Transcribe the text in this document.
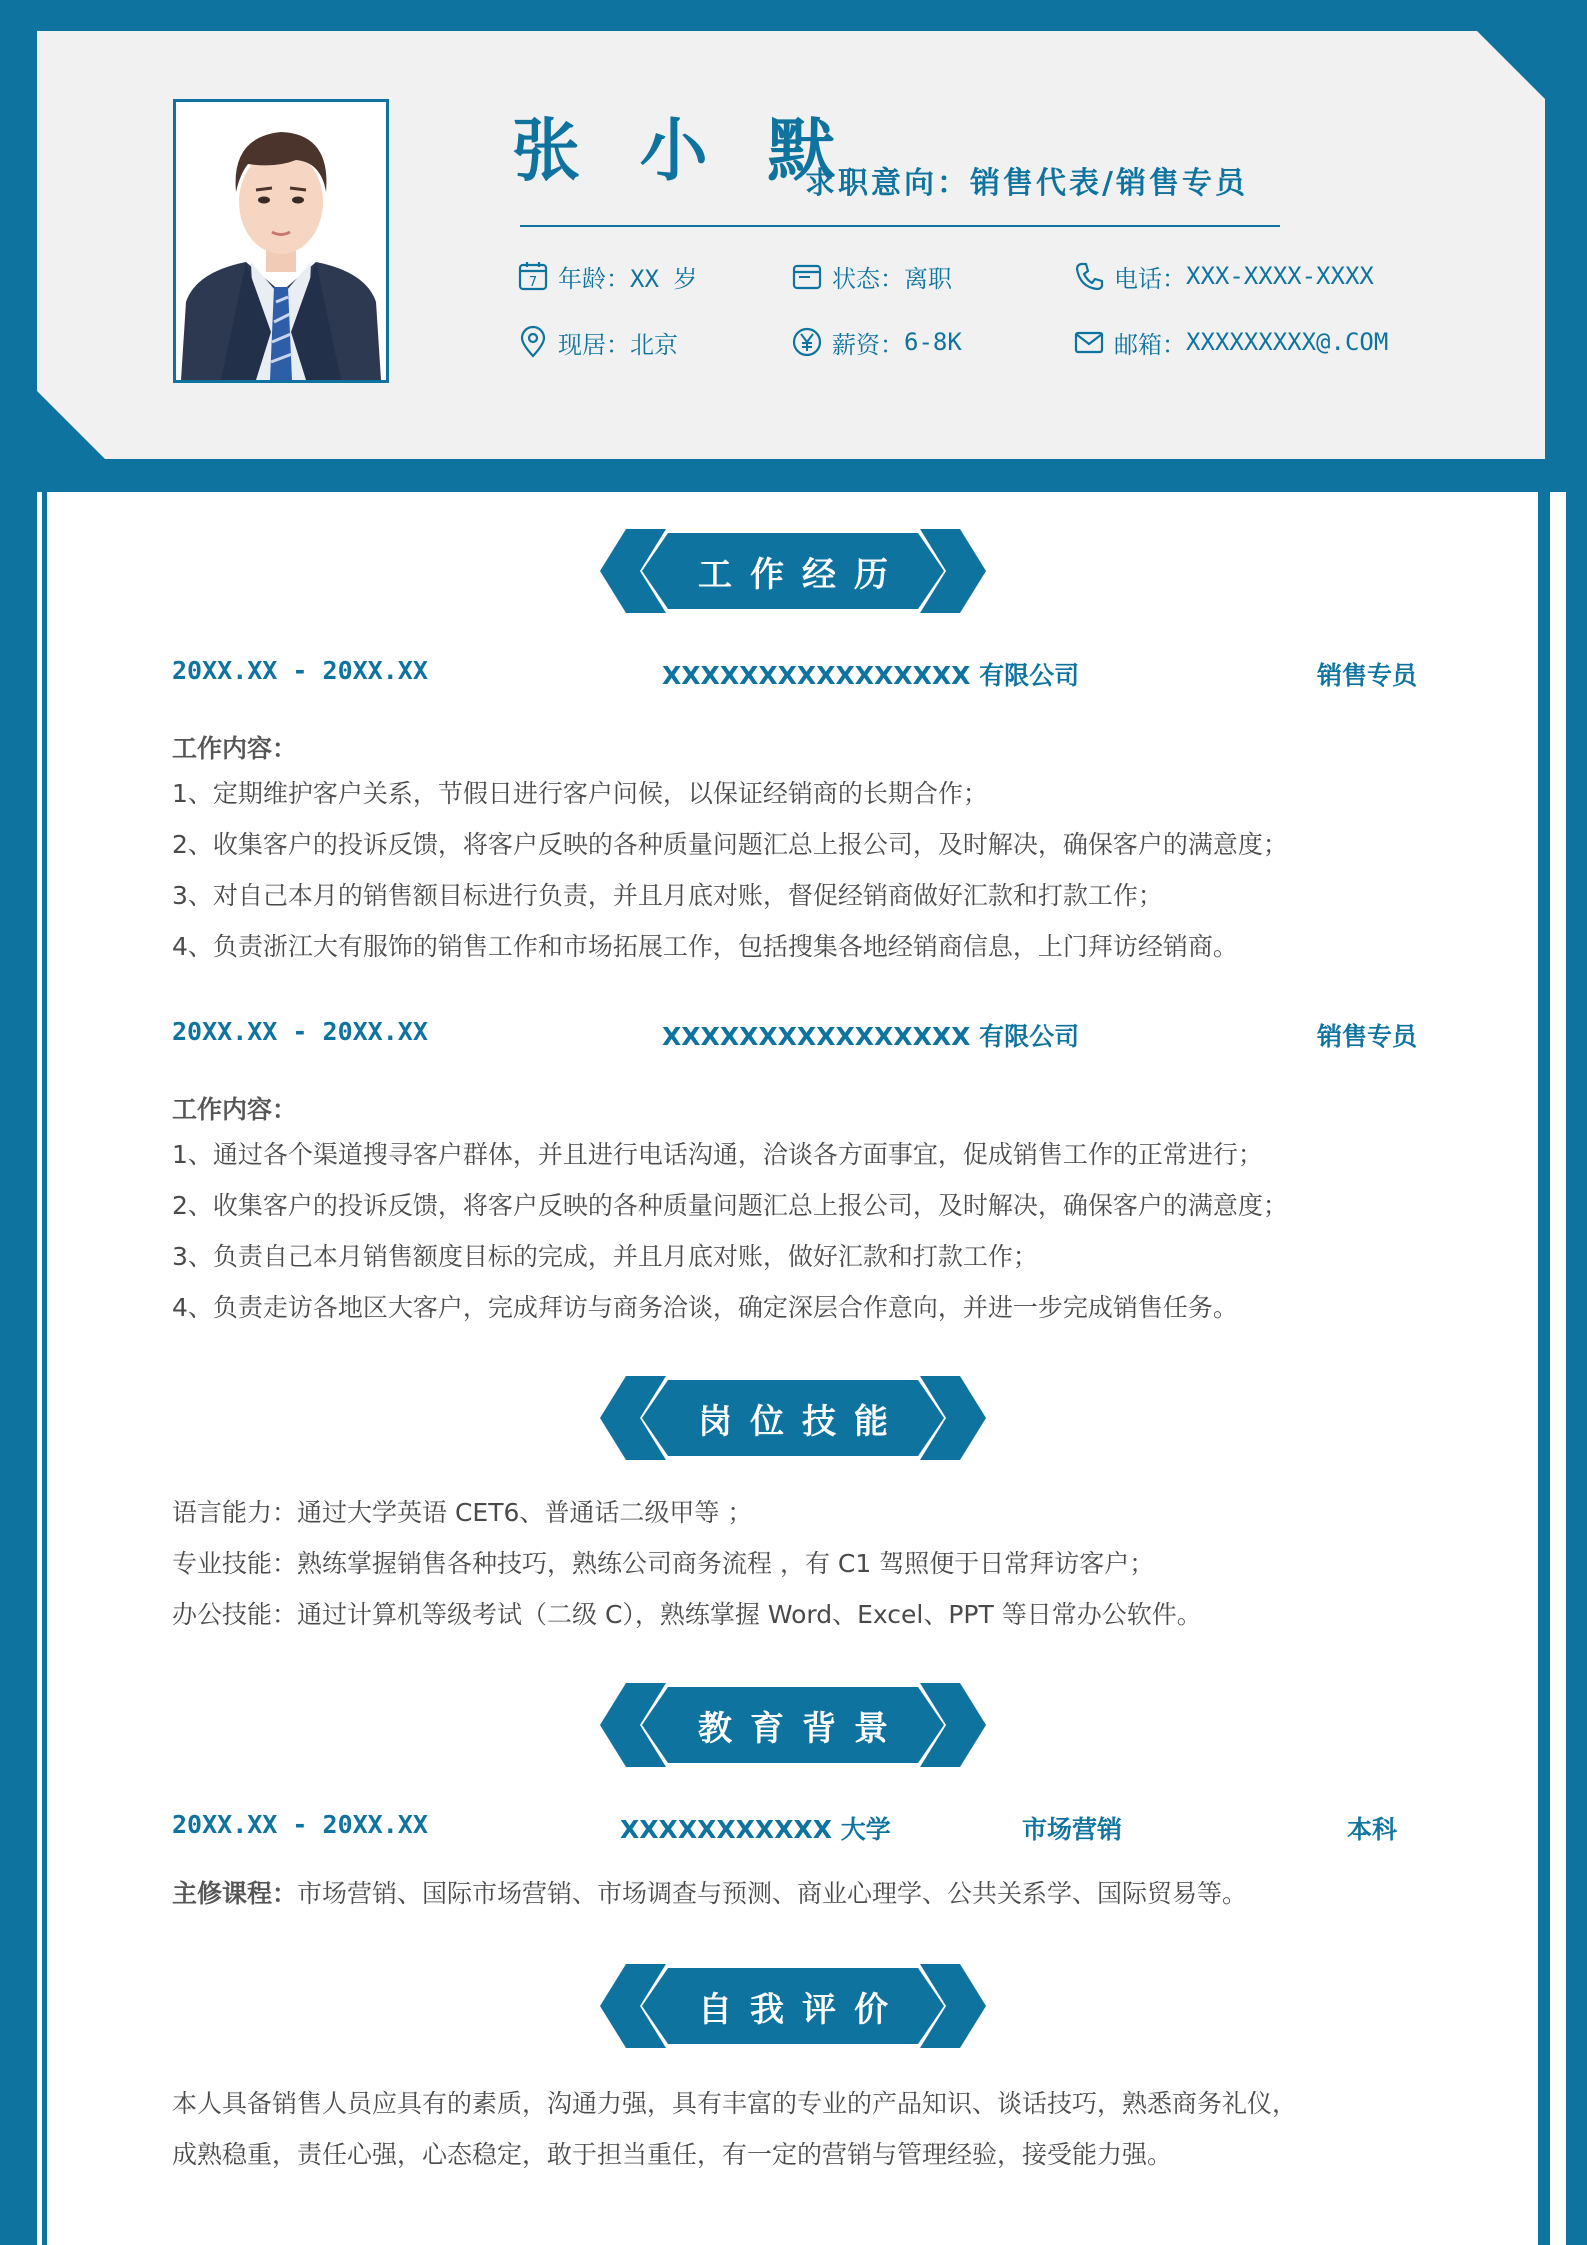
张 小 默
求职意向：销售代表/销售专员
7 年龄： XX 岁	状态： 离职	电话： XXX-XXXX-XXXX
现居： 北京	薪资： 6-8K	邮箱： XXXXXXXXX@.COM
工作经历
20XX.XX - 20XX.XX	XXXXXXXXXXXXXXXX 有限公司	销售专员
工作内容：

1、定期维护客户关系，节假日进行客户问候，以保证经销商的长期合作；

2、收集客户的投诉反馈，将客户反映的各种质量问题汇总上报公司，及时解决，确保客户的满意度；

3、对自己本月的销售额目标进行负责，并且月底对账，督促经销商做好汇款和打款工作；

4、负责浙江大有服饰的销售工作和市场拓展工作，包括搜集各地经销商信息，上门拜访经销商。

20XX.XX - 20XX.XX	XXXXXXXXXXXXXXXX 有限公司	销售专员
工作内容：

1、通过各个渠道搜寻客户群体，并且进行电话沟通，洽谈各方面事宜，促成销售工作的正常进行；

2、收集客户的投诉反馈，将客户反映的各种质量问题汇总上报公司，及时解决，确保客户的满意度；

3、负责自己本月销售额度目标的完成，并且月底对账，做好汇款和打款工作；

4、负责走访各地区大客户，完成拜访与商务洽谈，确定深层合作意向，并进一步完成销售任务。

岗位技能

语言能力：通过大学英语 CET6、普通话二级甲等 ；

专业技能：熟练掌握销售各种技巧，熟练公司商务流程 ，有 C1 驾照便于日常拜访客户；

办公技能：通过计算机等级考试（二级 C），熟练掌握 Word、Excel、PPT 等日常办公软件。

教育背景
20XX.XX - 20XX.XX	XXXXXXXXXXX 大学	市场营销	本科
主修课程：市场营销、国际市场营销、市场调查与预测、商业心理学、公共关系学、国际贸易等。
自我评价

本人具备销售人员应具有的素质，沟通力强，具有丰富的专业的产品知识、谈话技巧，熟悉商务礼仪，

成熟稳重，责任心强，心态稳定，敢于担当重任，有一定的营销与管理经验，接受能力强。
